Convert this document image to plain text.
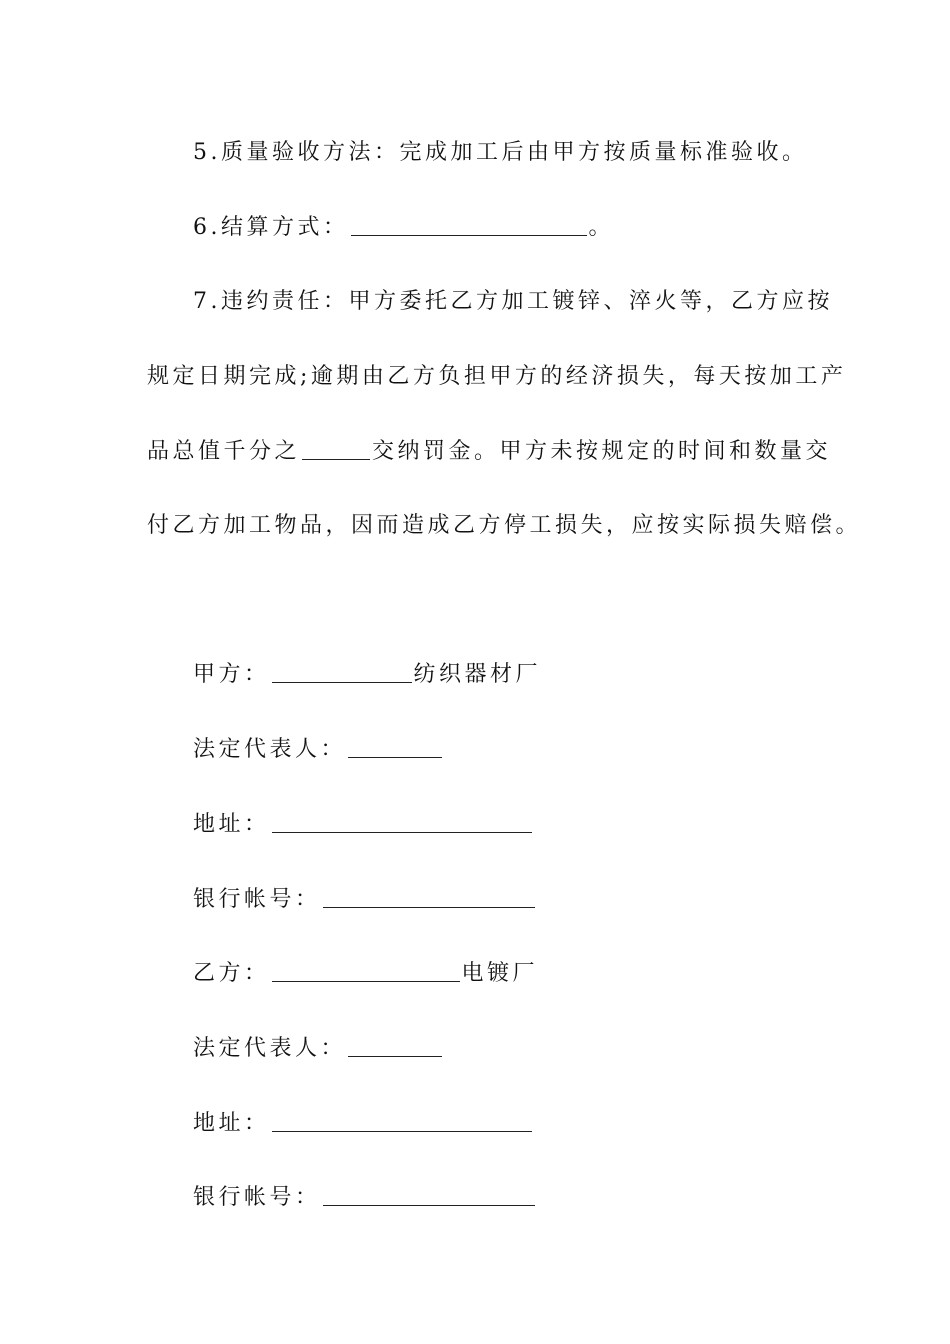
5.质量验收方法：完成加工后由甲方按质量标准验收。
6.结算方式：	。
7.违约责任：甲方委托乙方加工镀锌、淬火等，乙方应按
规定日期完成;逾期由乙方负担甲方的经济损失，每天按加工产
品总值千分之	交纳罚金。甲方未按规定的时间和数量交
付乙方加工物品，因而造成乙方停工损失，应按实际损失赔偿。
甲方：	纺织器材厂
法定代表人：
地址：
银行帐号：
乙方：	电镀厂
法定代表人：
地址：
银行帐号：
